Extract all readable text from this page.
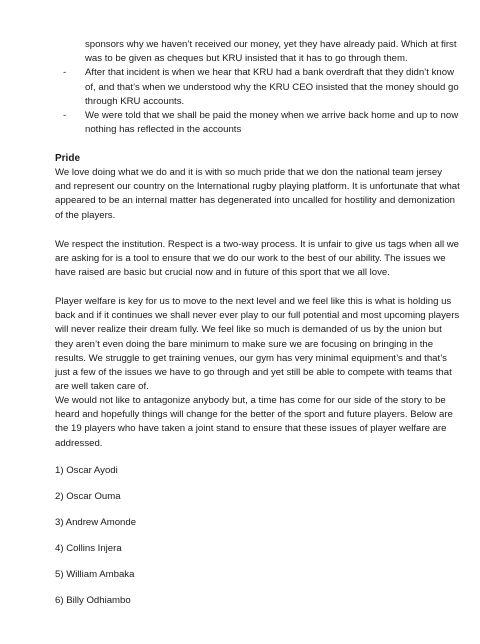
sponsors why we haven’t received our money, yet they have already paid. Which at first was to be given as cheques but KRU insisted that it has to go through them.
-	After that incident is when we hear that KRU had a bank overdraft that they didn’t know of, and that’s when we understood why the KRU CEO insisted that the money should go through KRU accounts.
-	We were told that we shall be paid the money when we arrive back home and up to now nothing has reflected in the accounts
Pride

We love doing what we do and it is with so much pride that we don the national team jersey and represent our country on the International rugby playing platform. It is unfortunate that what appeared to be an internal matter has degenerated into uncalled for hostility and demonization of the players.

We respect the institution. Respect is a two-way process. It is unfair to give us tags when all we are asking for is a tool to ensure that we do our work to the best of our ability. The issues we have raised are basic but crucial now and in future of this sport that we all love.

Player welfare is key for us to move to the next level and we feel like this is what is holding us back and if it continues we shall never ever play to our full potential and most upcoming players will never realize their dream fully. We feel like so much is demanded of us by the union but they aren’t even doing the bare minimum to make sure we are focusing on bringing in the results. We struggle to get training venues, our gym has very minimal equipment’s and that’s just a few of the issues we have to go through and yet still be able to compete with teams that are well taken care of.

We would not like to antagonize anybody but, a time has come for our side of the story to be heard and hopefully things will change for the better of the sport and future players. Below are the 19 players who have taken a joint stand to ensure that these issues of player welfare are addressed.

1) Oscar Ayodi
2) Oscar Ouma
3) Andrew Amonde
4) Collins Injera
5) William Ambaka
6) Billy Odhiambo
